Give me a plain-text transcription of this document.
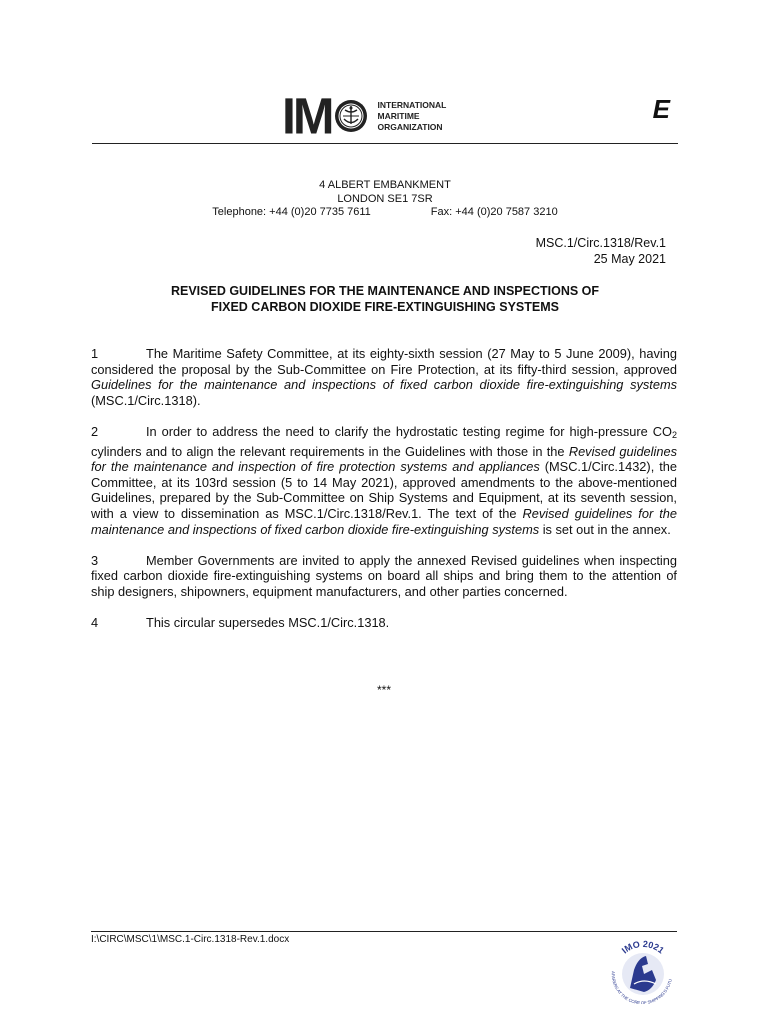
IM	INTERNATIONAL
MARITIME
ORGANIZATION
E
4 ALBERT EMBANKMENT
LONDON SE1 7SR
Telephone: +44 (0)20 7735 7611	Fax: +44 (0)20 7587 3210
MSC.1/Circ.1318/Rev.1
25 May 2021
REVISED GUIDELINES FOR THE MAINTENANCE AND INSPECTIONS OF
FIXED CARBON DIOXIDE FIRE-EXTINGUISHING SYSTEMS

1	The Maritime Safety Committee, at its eighty-sixth session (27 May to 5 June 2009), having considered the proposal by the Sub-Committee on Fire Protection, at its fifty-third session, approved Guidelines for the maintenance and inspections of fixed carbon dioxide fire-extinguishing systems (MSC.1/Circ.1318).

2	In order to address the need to clarify the hydrostatic testing regime for high-pressure $CO_2$ cylinders and to align the relevant requirements in the Guidelines with those in the Revised guidelines for the maintenance and inspection of fire protection systems and appliances (MSC.1/Circ.1432), the Committee, at its 103rd session (5 to 14 May 2021), approved amendments to the above-mentioned Guidelines, prepared by the Sub-Committee on Ship Systems and Equipment, at its seventh session, with a view to dissemination as MSC.1/Circ.1318/Rev.1. The text of the Revised guidelines for the maintenance and inspections of fixed carbon dioxide fire-extinguishing systems is set out in the annex.

3	Member Governments are invited to apply the annexed Revised guidelines when inspecting fixed carbon dioxide fire-extinguishing systems on board all ships and bring them to the attention of ship designers, shipowners, equipment manufacturers, and other parties concerned.

4	This circular supersedes MSC.1/Circ.1318.

***
I:\CIRC\MSC\1\MSC.1-Circ.1318-Rev.1.docx
IMO 2021
AFARERS AT THE CORE OF SHIPPING'S FUTU
